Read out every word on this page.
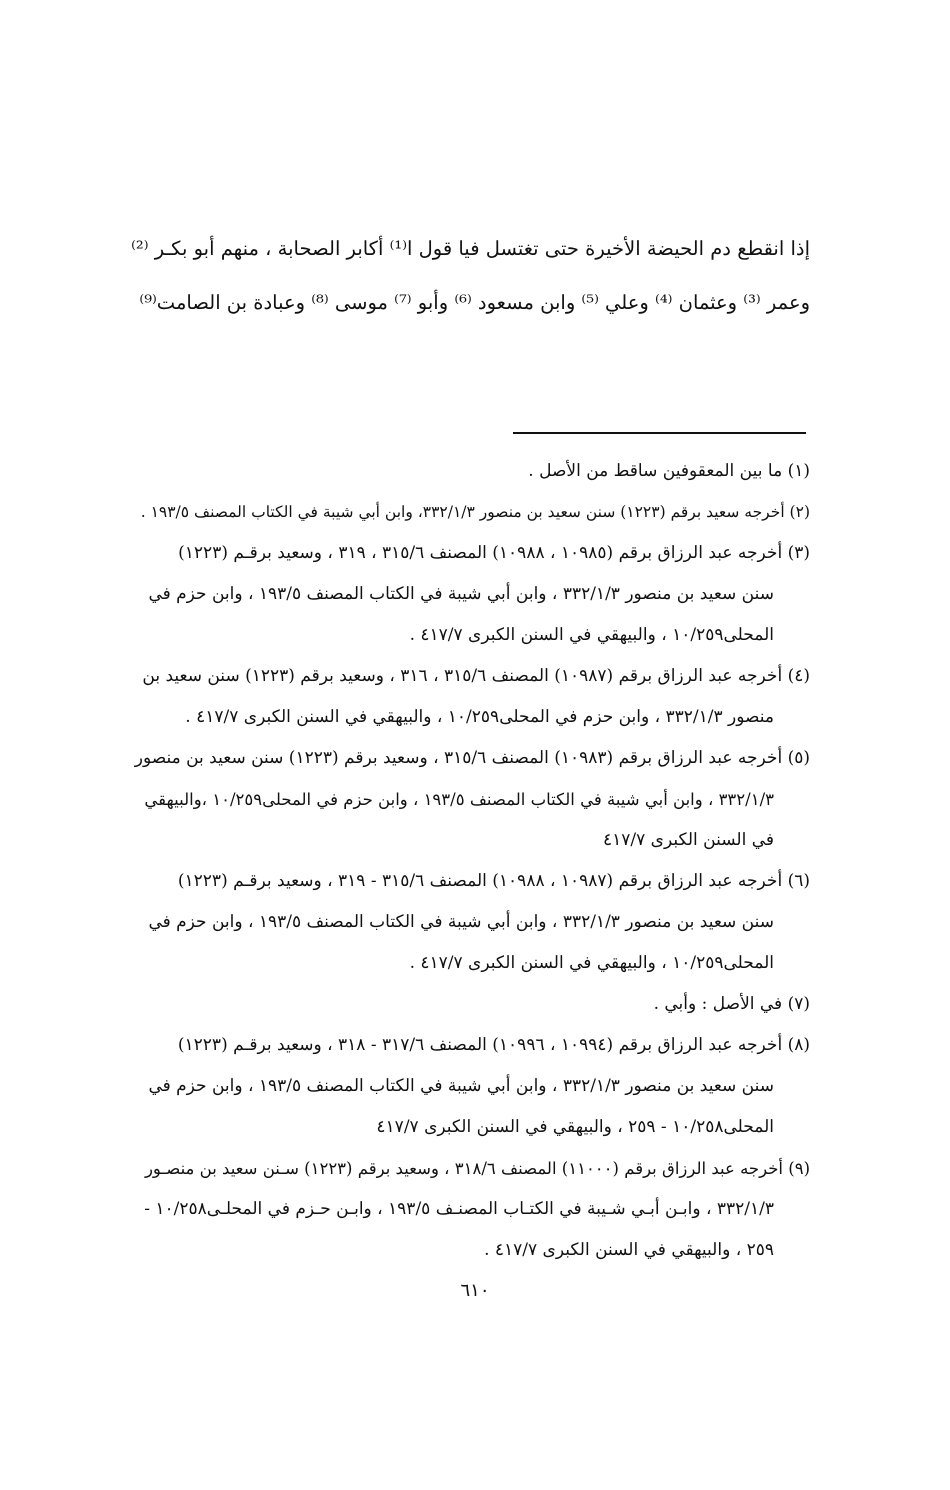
إذا انقطع دم الحيضة الأخيرة حتى تغتسل فيا قول ا⁽¹⁾ أكابر الصحابة ، منهم أبو بكـر ⁽²⁾
وعمر ⁽³⁾ وعثمان ⁽⁴⁾ وعلي ⁽⁵⁾ وابن مسعود ⁽⁶⁾ وأبو ⁽⁷⁾ موسى ⁽⁸⁾ وعبادة بن الصامت⁽⁹⁾

(١) ما بين المعقوفين ساقط من الأصل .
(٢) أخرجه سعيد برقم (١٢٢٣) سنن سعيد بن منصور ٣٣٢/١/٣، وابن أبي شيبة في الكتاب المصنف ١٩٣/٥ .
(٣) أخرجه عبد الرزاق برقم (١٠٩٨٥ ، ١٠٩٨٨) المصنف ٣١٥/٦ ، ٣١٩ ، وسعيد برقـم (١٢٢٣)
سنن سعيد بن منصور ٣٣٢/١/٣ ، وابن أبي شيبة في الكتاب المصنف ١٩٣/٥ ، وابن حزم في
المحلى١٠/٢٥٩ ، والبيهقي في السنن الكبرى ٤١٧/٧ .
(٤) أخرجه عبد الرزاق برقم (١٠٩٨٧) المصنف ٣١٥/٦ ، ٣١٦ ، وسعيد برقم (١٢٢٣) سنن سعيد بن
منصور ٣٣٢/١/٣ ، وابن حزم في المحلى١٠/٢٥٩ ، والبيهقي في السنن الكبرى ٤١٧/٧ .
(٥) أخرجه عبد الرزاق برقم (١٠٩٨٣) المصنف ٣١٥/٦ ، وسعيد برقم (١٢٢٣) سنن سعيد بن منصور
٣٣٢/١/٣ ، وابن أبي شيبة في الكتاب المصنف ١٩٣/٥ ، وابن حزم في المحلى١٠/٢٥٩ ،والبيهقي
في السنن الكبرى ٤١٧/٧
(٦) أخرجه عبد الرزاق برقم (١٠٩٨٧ ، ١٠٩٨٨) المصنف ٣١٥/٦ - ٣١٩ ، وسعيد برقـم (١٢٢٣)
سنن سعيد بن منصور ٣٣٢/١/٣ ، وابن أبي شيبة في الكتاب المصنف ١٩٣/٥ ، وابن حزم في
المحلى١٠/٢٥٩ ، والبيهقي في السنن الكبرى ٤١٧/٧ .
(٧) في الأصل : وأبي .
(٨) أخرجه عبد الرزاق برقم (١٠٩٩٤ ، ١٠٩٩٦) المصنف ٣١٧/٦ - ٣١٨ ، وسعيد برقـم (١٢٢٣)
سنن سعيد بن منصور ٣٣٢/١/٣ ، وابن أبي شيبة في الكتاب المصنف ١٩٣/٥ ، وابن حزم في
المحلى١٠/٢٥٨ - ٢٥٩ ، والبيهقي في السنن الكبرى ٤١٧/٧
(٩) أخرجه عبد الرزاق برقم (١١٠٠٠) المصنف ٣١٨/٦ ، وسعيد برقم (١٢٢٣) سـنن سعيد بن منصـور
٣٣٢/١/٣ ، وابـن أبـي شـيبة في الكتـاب المصنـف ١٩٣/٥ ، وابـن حـزم في المحلـى١٠/٢٥٨ -
٢٥٩ ، والبيهقي في السنن الكبرى ٤١٧/٧ .
٦١٠
